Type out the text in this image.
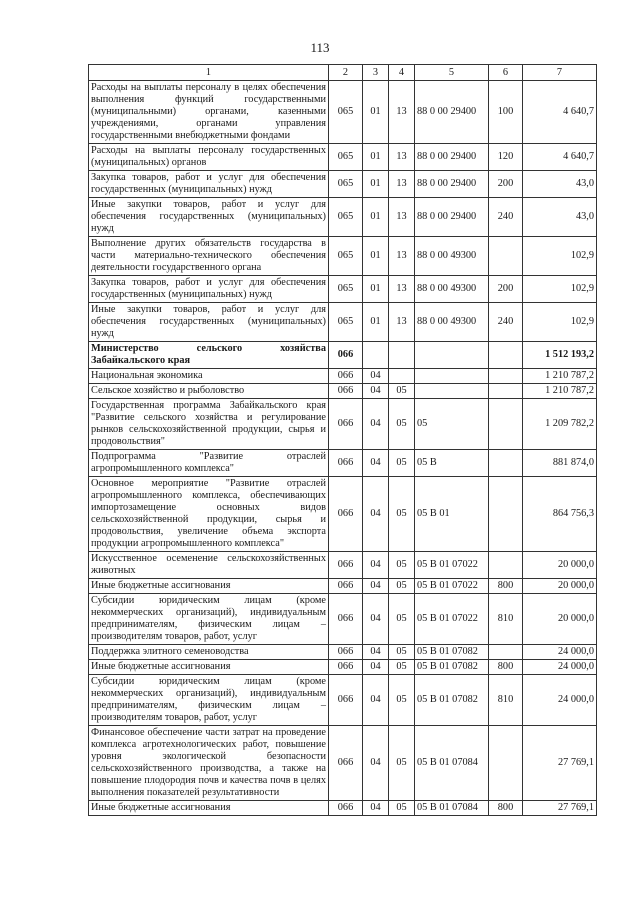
113
1	2	3	4	5	6	7
Расходы на выплаты персоналу в целях обеспечения выполнения функций государственными (муниципальными) органами, казенными учреждениями, органами управления государственными внебюджетными фондами	065	01	13	88 0 00 29400	100	4 640,7
Расходы на выплаты персоналу государственных (муниципальных) органов	065	01	13	88 0 00 29400	120	4 640,7
Закупка товаров, работ и услуг для обеспечения государственных (муниципальных) нужд	065	01	13	88 0 00 29400	200	43,0
Иные закупки товаров, работ и услуг для обеспечения государственных (муниципальных) нужд	065	01	13	88 0 00 29400	240	43,0
Выполнение других обязательств государства в части материально-технического обеспечения деятельности государственного органа	065	01	13	88 0 00 49300		102,9
Закупка товаров, работ и услуг для обеспечения государственных (муниципальных) нужд	065	01	13	88 0 00 49300	200	102,9
Иные закупки товаров, работ и услуг для обеспечения государственных (муниципальных) нужд	065	01	13	88 0 00 49300	240	102,9
Министерство сельского хозяйства Забайкальского края	066					1 512 193,2
Национальная экономика	066	04				1 210 787,2
Сельское хозяйство и рыболовство	066	04	05			1 210 787,2
Государственная программа Забайкальского края "Развитие сельского хозяйства и регулирование рынков сельскохозяйственной продукции, сырья и продовольствия"	066	04	05	05		1 209 782,2
Подпрограмма "Развитие отраслей агропромышленного комплекса"	066	04	05	05 В		881 874,0
Основное мероприятие "Развитие отраслей агропромышленного комплекса, обеспечивающих импортозамещение основных видов сельскохозяйственной продукции, сырья и продовольствия, увеличение объема экспорта продукции агропромышленного комплекса"	066	04	05	05 В 01		864 756,3
Искусственное осеменение сельскохозяйственных животных	066	04	05	05 В 01 07022		20 000,0
Иные бюджетные ассигнования	066	04	05	05 В 01 07022	800	20 000,0
Субсидии юридическим лицам (кроме некоммерческих организаций), индивидуальным предпринимателям, физическим лицам – производителям товаров, работ, услуг	066	04	05	05 В 01 07022	810	20 000,0
Поддержка элитного семеноводства	066	04	05	05 В 01 07082		24 000,0
Иные бюджетные ассигнования	066	04	05	05 В 01 07082	800	24 000,0
Субсидии юридическим лицам (кроме некоммерческих организаций), индивидуальным предпринимателям, физическим лицам – производителям товаров, работ, услуг	066	04	05	05 В 01 07082	810	24 000,0
Финансовое обеспечение части затрат на проведение комплекса агротехнологических работ, повышение уровня экологической безопасности сельскохозяйственного производства, а также на повышение плодородия почв и качества почв в целях выполнения показателей результативности	066	04	05	05 В 01 07084		27 769,1
Иные бюджетные ассигнования	066	04	05	05 В 01 07084	800	27 769,1
